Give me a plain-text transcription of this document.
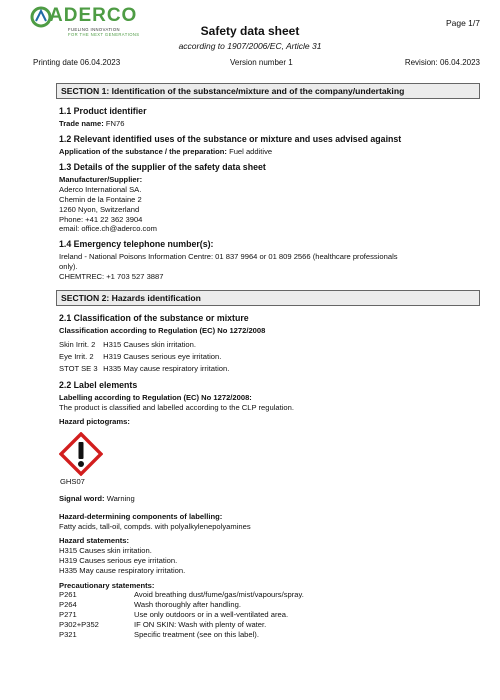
ADERCO
FUELING INNOVATION
FOR THE NEXT GENERATIONS
Page 1/7
Safety data sheet
according to 1907/2006/EC, Article 31
Printing date 06.04.2023	Version number 1	Revision: 06.04.2023
SECTION 1: Identification of the substance/mixture and of the company/undertaking
1.1 Product identifier
Trade name: FN76
1.2 Relevant identified uses of the substance or mixture and uses advised against
Application of the substance / the preparation: Fuel additive
1.3 Details of the supplier of the safety data sheet
Manufacturer/Supplier:
Aderco International SA.
Chemin de la Fontaine 2
1260 Nyon, Switzerland
Phone: +41 22 362 3904
email: office.ch@aderco.com
1.4 Emergency telephone number(s):
Ireland - National Poisons Information Centre: 01 837 9964 or 01 809 2566 (healthcare professionals
only).
CHEMTREC: +1 703 527 3887
SECTION 2: Hazards identification
2.1 Classification of the substance or mixture
Classification according to Regulation (EC) No 1272/2008
Skin Irrit. 2 H315 Causes skin irritation.
Eye Irrit. 2 H319 Causes serious eye irritation.
STOT SE 3 H335 May cause respiratory irritation.
2.2 Label elements
Labelling according to Regulation (EC) No 1272/2008:
The product is classified and labelled according to the CLP regulation.
Hazard pictograms:
GHS07
Signal word: Warning
Hazard-determining components of labelling:
Fatty acids, tall-oil, compds. with polyalkylenepolyamines
Hazard statements:
H315 Causes skin irritation.
H319 Causes serious eye irritation.
H335 May cause respiratory irritation.
Precautionary statements:
P261	Avoid breathing dust/fume/gas/mist/vapours/spray.
P264	Wash thoroughly after handling.
P271	Use only outdoors or in a well-ventilated area.
P302+P352	IF ON SKIN: Wash with plenty of water.
P321	Specific treatment (see on this label).
